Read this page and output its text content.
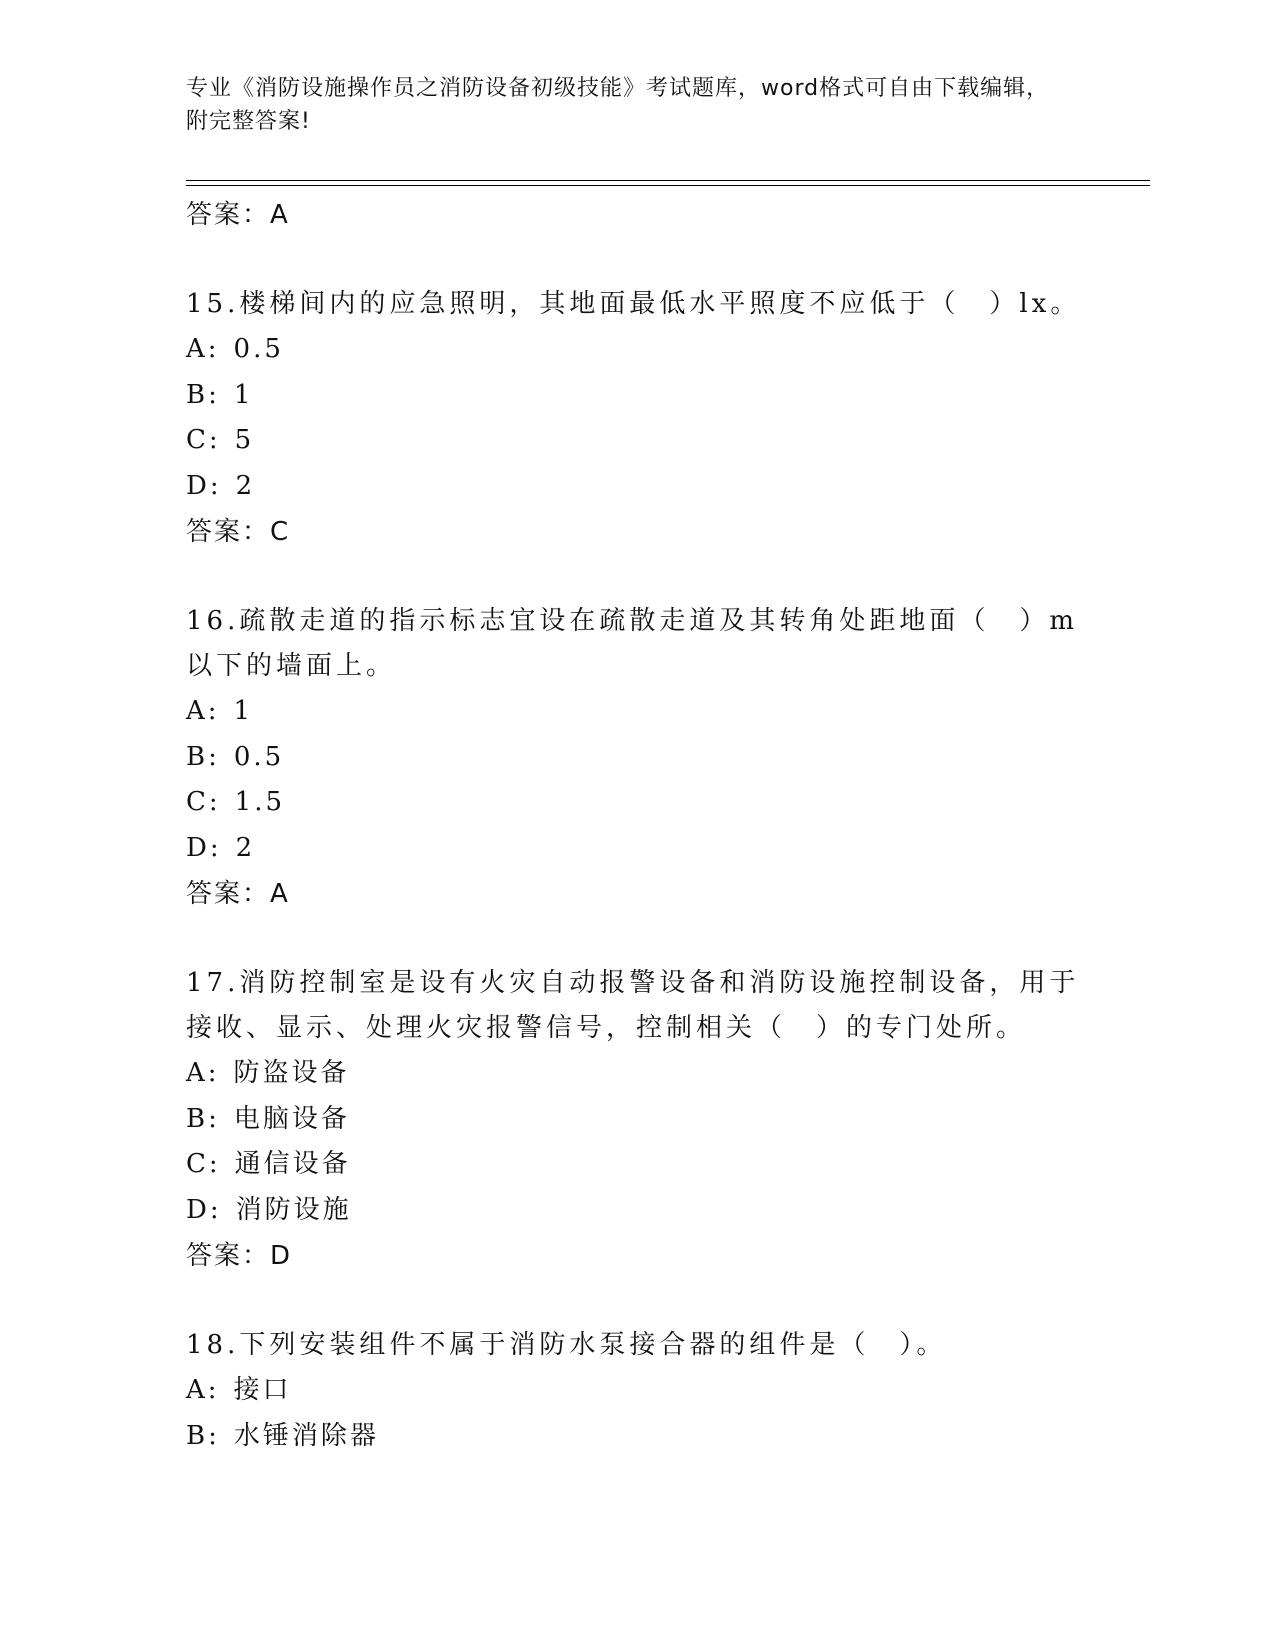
专业《消防设施操作员之消防设备初级技能》考试题库，word格式可自由下载编辑，附完整答案!

答案：A

15.楼梯间内的应急照明，其地面最低水平照度不应低于（　）lx。

A: 0.5

B: 1

C: 5

D: 2

答案：C

16.疏散走道的指示标志宜设在疏散走道及其转角处距地面（　）m以下的墙面上。

A: 1

B: 0.5

C: 1.5

D: 2

答案：A

17.消防控制室是设有火灾自动报警设备和消防设施控制设备，用于接收、显示、处理火灾报警信号，控制相关（　）的专门处所。

A: 防盗设备

B: 电脑设备

C: 通信设备

D: 消防设施

答案：D

18.下列安装组件不属于消防水泵接合器的组件是（　）。

A: 接口

B: 水锤消除器
